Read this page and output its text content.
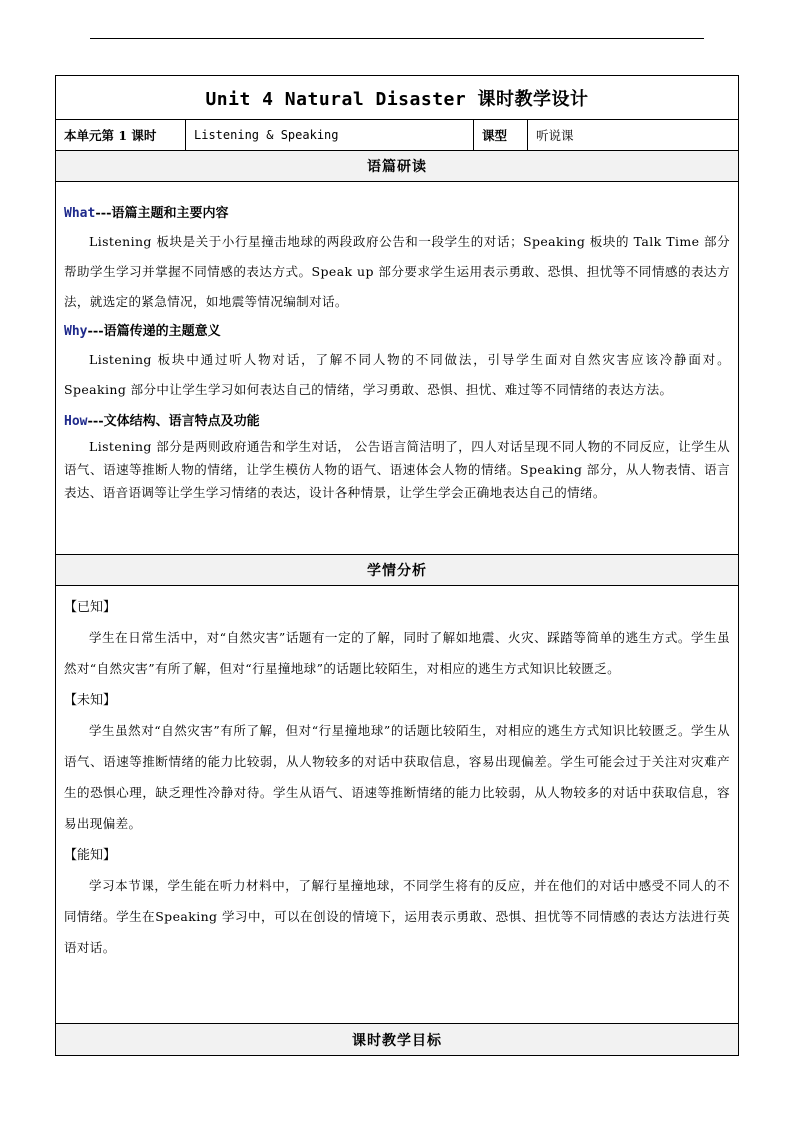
Unit 4 Natural Disaster 课时教学设计
本单元第 1 课时	Listening & Speaking	课型	听说课
语篇研读
What---语篇主题和主要内容
Listening 板块是关于小行星撞击地球的两段政府公告和一段学生的对话；Speaking 板块的 Talk Time 部分帮助学生学习并掌握不同情感的表达方式。Speak up 部分要求学生运用表示勇敢、恐惧、担忧等不同情感的表达方法，就选定的紧急情况，如地震等情况编制对话。
Why---语篇传递的主题意义
Listening 板块中通过听人物对话，了解不同人物的不同做法，引导学生面对自然灾害应该冷静面对。Speaking 部分中让学生学习如何表达自己的情绪，学习勇敢、恐惧、担忧、难过等不同情绪的表达方法。
How---文体结构、语言特点及功能
Listening 部分是两则政府通告和学生对话， 公告语言简洁明了，四人对话呈现不同人物的不同反应，让学生从语气、语速等推断人物的情绪，让学生模仿人物的语气、语速体会人物的情绪。Speaking 部分，从人物表情、语言表达、语音语调等让学生学习情绪的表达，设计各种情景，让学生学会正确地表达自己的情绪。
学情分析
【已知】
学生在日常生活中，对“自然灾害”话题有一定的了解，同时了解如地震、火灾、踩踏等简单的逃生方式。学生虽然对“自然灾害”有所了解，但对“行星撞地球”的话题比较陌生，对相应的逃生方式知识比较匮乏。
【未知】
学生虽然对“自然灾害”有所了解，但对“行星撞地球”的话题比较陌生，对相应的逃生方式知识比较匮乏。学生从语气、语速等推断情绪的能力比较弱，从人物较多的对话中获取信息，容易出现偏差。学生可能会过于关注对灾难产生的恐惧心理，缺乏理性冷静对待。学生从语气、语速等推断情绪的能力比较弱，从人物较多的对话中获取信息，容易出现偏差。
【能知】
学习本节课，学生能在听力材料中，了解行星撞地球，不同学生将有的反应，并在他们的对话中感受不同人的不同情绪。学生在Speaking 学习中，可以在创设的情境下，运用表示勇敢、恐惧、担忧等不同情感的表达方法进行英语对话。
课时教学目标
